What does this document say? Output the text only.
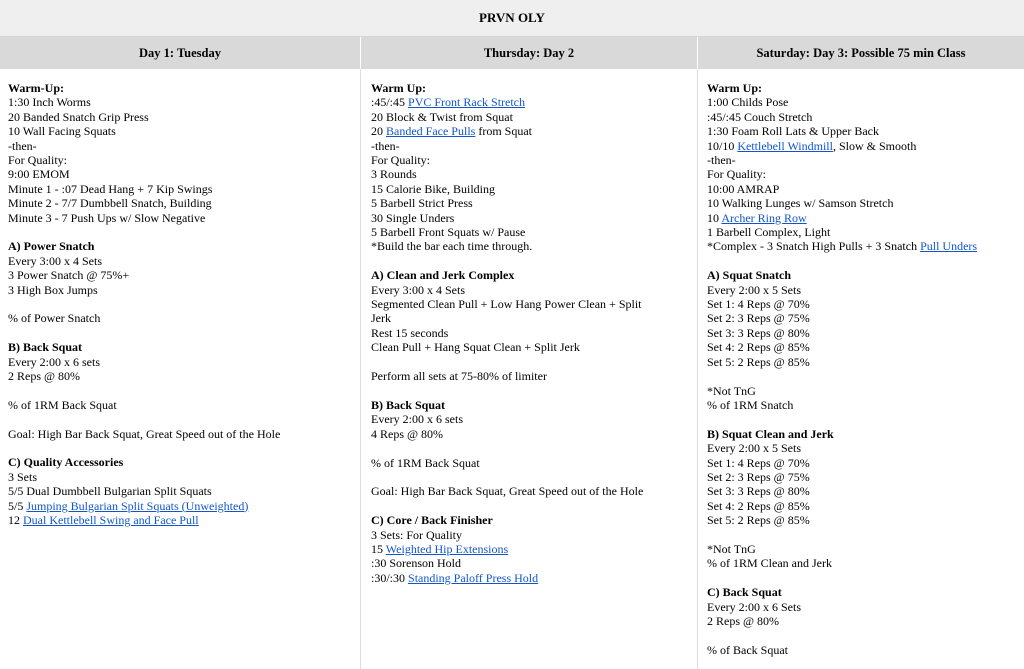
PRVN OLY
Day 1: Tuesday	Thursday: Day 2	Saturday: Day 3: Possible 75 min Class
Warm-Up:
1:30 Inch Worms
20 Banded Snatch Grip Press
10 Wall Facing Squats
-then-
For Quality:
9:00 EMOM
Minute 1 - :07 Dead Hang + 7 Kip Swings
Minute 2 - 7/7 Dumbbell Snatch, Building
Minute 3 - 7 Push Ups w/ Slow Negative
A) Power Snatch
Every 3:00 x 4 Sets
3 Power Snatch @ 75%+
3 High Box Jumps
% of Power Snatch
B) Back Squat
Every 2:00 x 6 sets
2 Reps @ 80%
% of 1RM Back Squat
Goal: High Bar Back Squat, Great Speed out of the Hole
C) Quality Accessories
3 Sets
5/5 Dual Dumbbell Bulgarian Split Squats
5/5 Jumping Bulgarian Split Squats (Unweighted)
12 Dual Kettlebell Swing and Face Pull
Warm Up:
:45/:45 PVC Front Rack Stretch
20 Block & Twist from Squat
20 Banded Face Pulls from Squat
-then-
For Quality:
3 Rounds
15 Calorie Bike, Building
5 Barbell Strict Press
30 Single Unders
5 Barbell Front Squats w/ Pause
*Build the bar each time through.
A) Clean and Jerk Complex
Every 3:00 x 4 Sets
Segmented Clean Pull + Low Hang Power Clean + Split
Jerk
Rest 15 seconds
Clean Pull + Hang Squat Clean + Split Jerk
Perform all sets at 75-80% of limiter
B) Back Squat
Every 2:00 x 6 sets
4 Reps @ 80%
% of 1RM Back Squat
Goal: High Bar Back Squat, Great Speed out of the Hole
C) Core / Back Finisher
3 Sets: For Quality
15 Weighted Hip Extensions
:30 Sorenson Hold
:30/:30 Standing Paloff Press Hold
Warm Up:
1:00 Childs Pose
:45/:45 Couch Stretch
1:30 Foam Roll Lats & Upper Back
10/10 Kettlebell Windmill, Slow & Smooth
-then-
For Quality:
10:00 AMRAP
10 Walking Lunges w/ Samson Stretch
10 Archer Ring Row
1 Barbell Complex, Light
*Complex - 3 Snatch High Pulls + 3 Snatch Pull Unders
A) Squat Snatch
Every 2:00 x 5 Sets
Set 1: 4 Reps @ 70%
Set 2: 3 Reps @ 75%
Set 3: 3 Reps @ 80%
Set 4: 2 Reps @ 85%
Set 5: 2 Reps @ 85%
*Not TnG
% of 1RM Snatch
B) Squat Clean and Jerk
Every 2:00 x 5 Sets
Set 1: 4 Reps @ 70%
Set 2: 3 Reps @ 75%
Set 3: 3 Reps @ 80%
Set 4: 2 Reps @ 85%
Set 5: 2 Reps @ 85%
*Not TnG
% of 1RM Clean and Jerk
C) Back Squat
Every 2:00 x 6 Sets
2 Reps @ 80%
% of Back Squat
